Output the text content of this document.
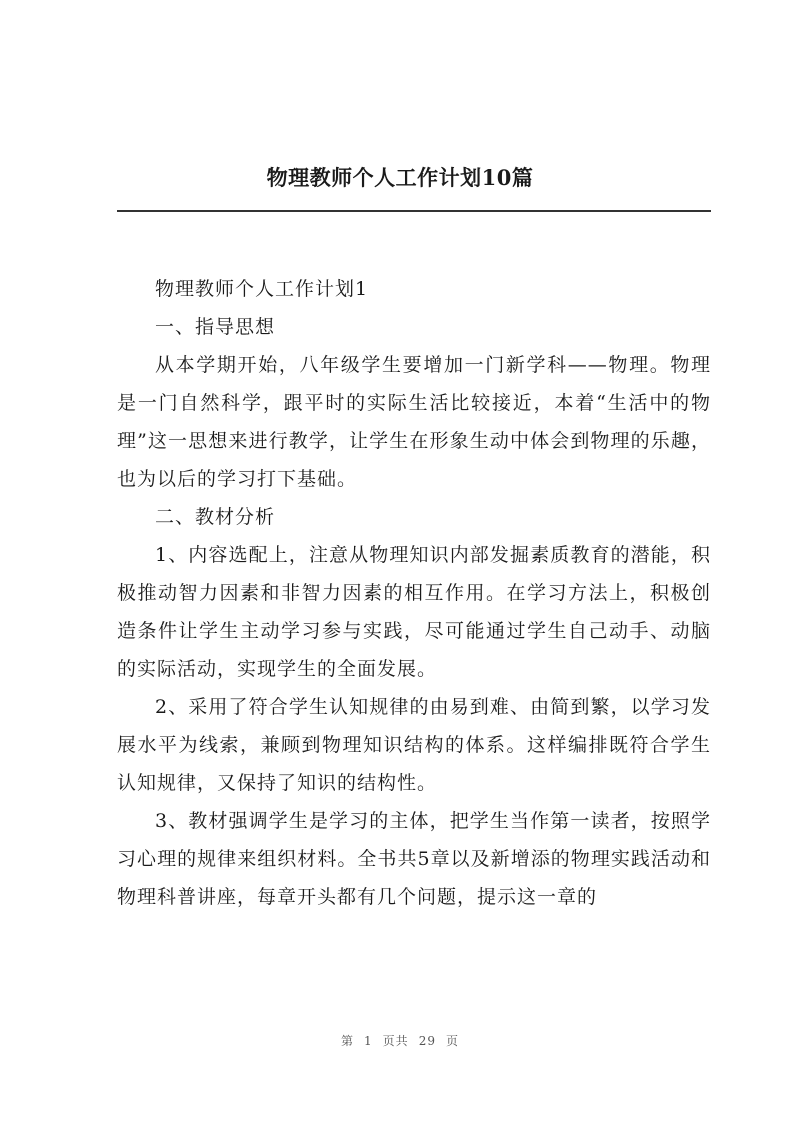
物理教师个人工作计划10篇

物理教师个人工作计划1

一、指导思想

从本学期开始，八年级学生要增加一门新学科——物理。物理是一门自然科学，跟平时的实际生活比较接近，本着“生活中的物理”这一思想来进行教学，让学生在形象生动中体会到物理的乐趣，也为以后的学习打下基础。

二、教材分析

1、内容选配上，注意从物理知识内部发掘素质教育的潜能，积极推动智力因素和非智力因素的相互作用。在学习方法上，积极创造条件让学生主动学习参与实践，尽可能通过学生自己动手、动脑的实际活动，实现学生的全面发展。

2、采用了符合学生认知规律的由易到难、由简到繁，以学习发展水平为线索，兼顾到物理知识结构的体系。这样编排既符合学生认知规律，又保持了知识的结构性。

3、教材强调学生是学习的主体，把学生当作第一读者，按照学习心理的规律来组织材料。全书共5章以及新增添的物理实践活动和物理科普讲座，每章开头都有几个问题，提示这一章的

第 1 页共 29 页
